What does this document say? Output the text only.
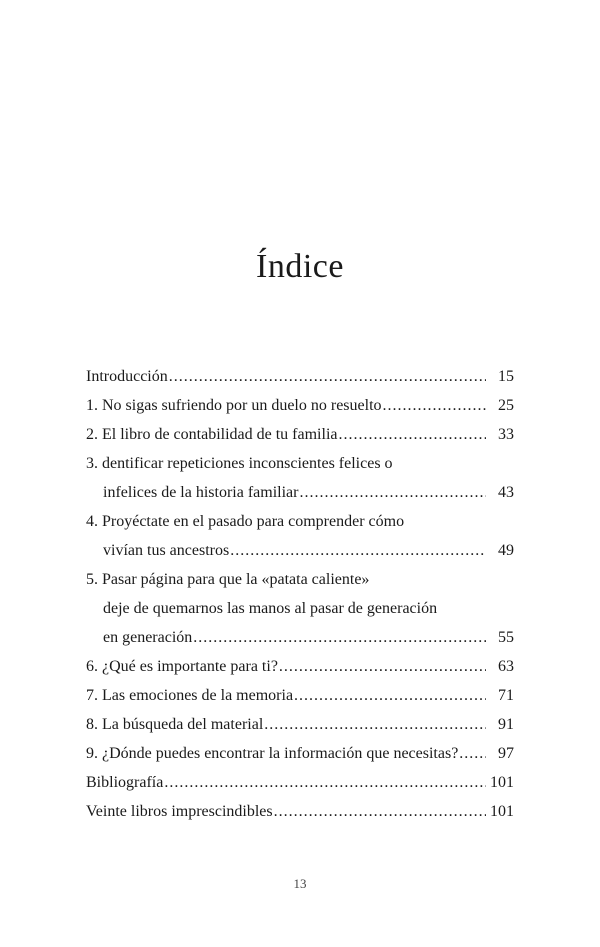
Índice
Introducción .....	15
1. No sigas sufriendo por un duelo no resuelto .....	25
2. El libro de contabilidad de tu familia .....	33
3. dentificar repeticiones inconscientes felices o
infelices de la historia familiar .....	43
4. Proyéctate en el pasado para comprender cómo
vivían tus ancestros .....	49
5. Pasar página para que la «patata caliente»
deje de quemarnos las manos al pasar de generación
en generación .....	55
6. ¿Qué es importante para ti? .....	63
7. Las emociones de la memoria .....	71
8. La búsqueda del material .....	91
9. ¿Dónde puedes encontrar la información que necesitas? .....	97
Bibliografía .....	101
Veinte libros imprescindibles .....	101
13
